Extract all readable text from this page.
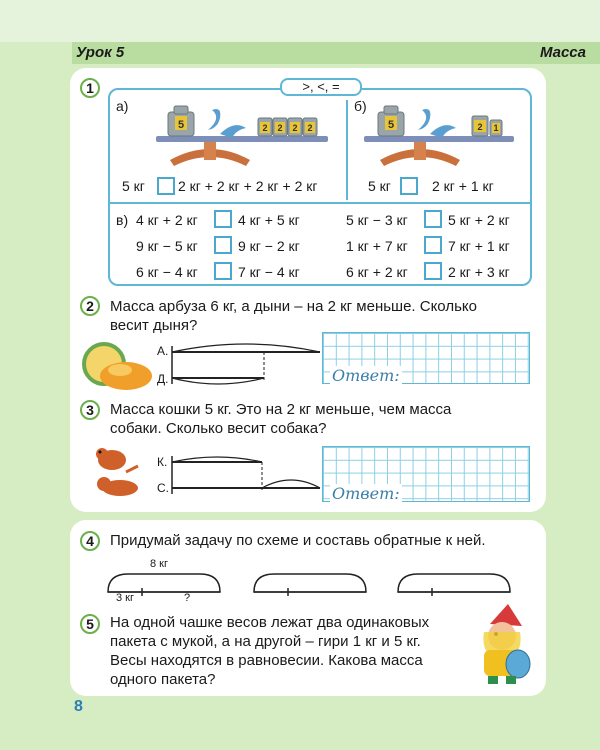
Урок 5	Масса
1	>, <, =
а)	б)
5	2 2 2 2	5	2 1
5 кг 2 кг + 2 кг + 2 кг + 2 кг	5 кг	2 кг + 1 кг
в) 4 кг + 2 кг	4 кг + 5 кг	5 кг − 3 кг	5 кг + 2 кг
9 кг − 5 кг	9 кг − 2 кг	1 кг + 7 кг	7 кг + 1 кг
6 кг − 4 кг	7 кг − 4 кг	6 кг + 2 кг	2 кг + 3 кг
2	Масса арбуза 6 кг, а дыни – на 2 кг меньше. Сколько
весит дыня?
А.
Д.	Ответ:
3	Масса кошки 5 кг. Это на 2 кг меньше, чем масса
собаки. Сколько весит собака?
К.
С.	Ответ:
4	Придумай задачу по схеме и составь обратные к ней.
8 кг
3 кг	?
5	На одной чашке весов лежат два одинаковых
пакета с мукой, а на другой – гири 1 кг и 5 кг.
Весы находятся в равновесии. Какова масса
одного пакета?
8
